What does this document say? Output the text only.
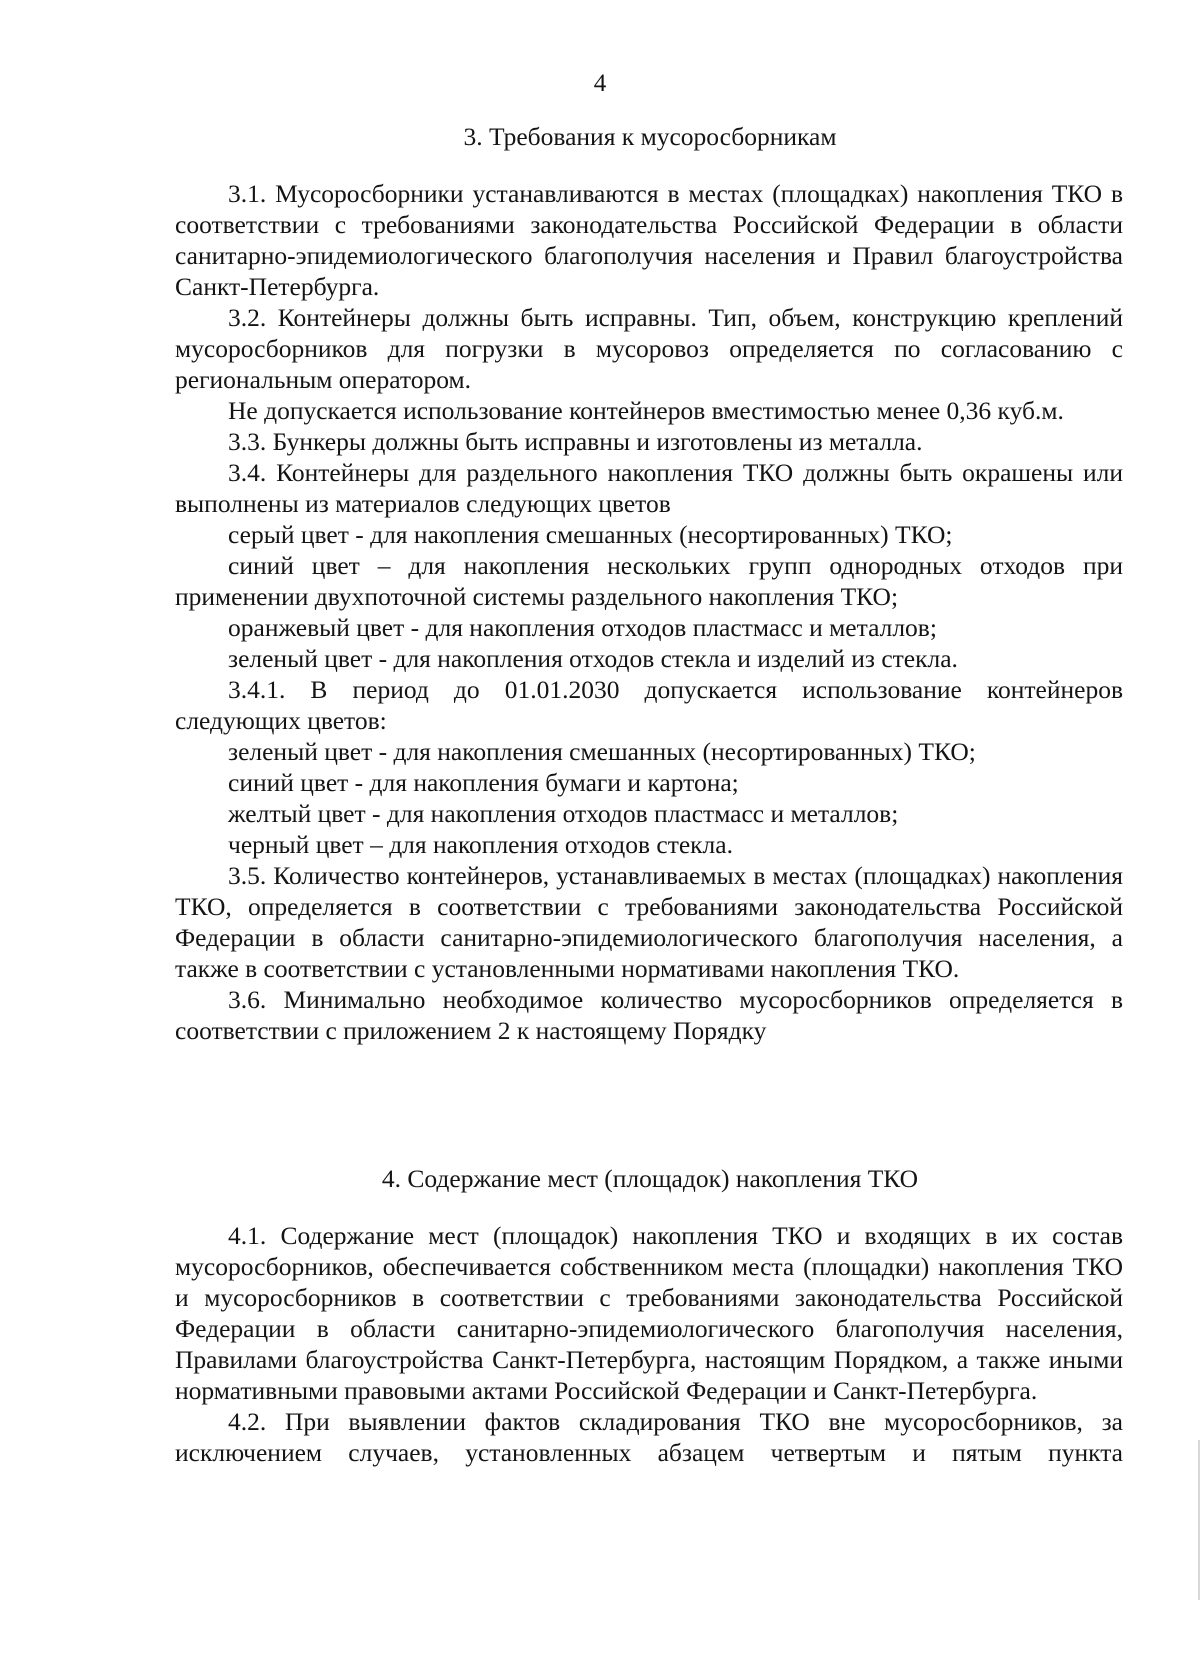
4
3. Требования к мусоросборникам

3.1. Мусоросборники устанавливаются в местах (площадках) накопления ТКО в соответствии с требованиями законодательства Российской Федерации в области санитарно-эпидемиологического благополучия населения и Правил благоустройства Санкт-Петербурга.

3.2. Контейнеры должны быть исправны. Тип, объем, конструкцию креплений мусоросборников для погрузки в мусоровоз определяется по согласованию с региональным оператором.

Не допускается использование контейнеров вместимостью менее 0,36 куб.м.

3.3. Бункеры должны быть исправны и изготовлены из металла.

3.4. Контейнеры для раздельного накопления ТКО должны быть окрашены или выполнены из материалов следующих цветов

серый цвет - для накопления смешанных (несортированных) ТКО;

синий цвет – для накопления нескольких групп однородных отходов при применении двухпоточной системы раздельного накопления ТКО;

оранжевый цвет - для накопления отходов пластмасс и металлов;

зеленый цвет - для накопления отходов стекла и изделий из стекла.

3.4.1. В период до 01.01.2030 допускается использование контейнеров следующих цветов:

зеленый цвет - для накопления смешанных (несортированных) ТКО;

синий цвет - для накопления бумаги и картона;

желтый цвет - для накопления отходов пластмасс и металлов;

черный цвет – для накопления отходов стекла.

3.5. Количество контейнеров, устанавливаемых в местах (площадках) накопления ТКО, определяется в соответствии с требованиями законодательства Российской Федерации в области санитарно-эпидемиологического благополучия населения, а также в соответствии с установленными нормативами накопления ТКО.

3.6. Минимально необходимое количество мусоросборников определяется в соответствии с приложением 2 к настоящему Порядку

4. Содержание мест (площадок) накопления ТКО

4.1. Содержание мест (площадок) накопления ТКО и входящих в их состав мусоросборников, обеспечивается собственником места (площадки) накопления ТКО и мусоросборников в соответствии с требованиями законодательства Российской Федерации в области санитарно-эпидемиологического благополучия населения, Правилами благоустройства Санкт-Петербурга, настоящим Порядком, а также иными нормативными правовыми актами Российской Федерации и Санкт-Петербурга.

4.2. При выявлении фактов складирования ТКО вне мусоросборников, за исключением случаев, установленных абзацем четвертым и пятым пункта
